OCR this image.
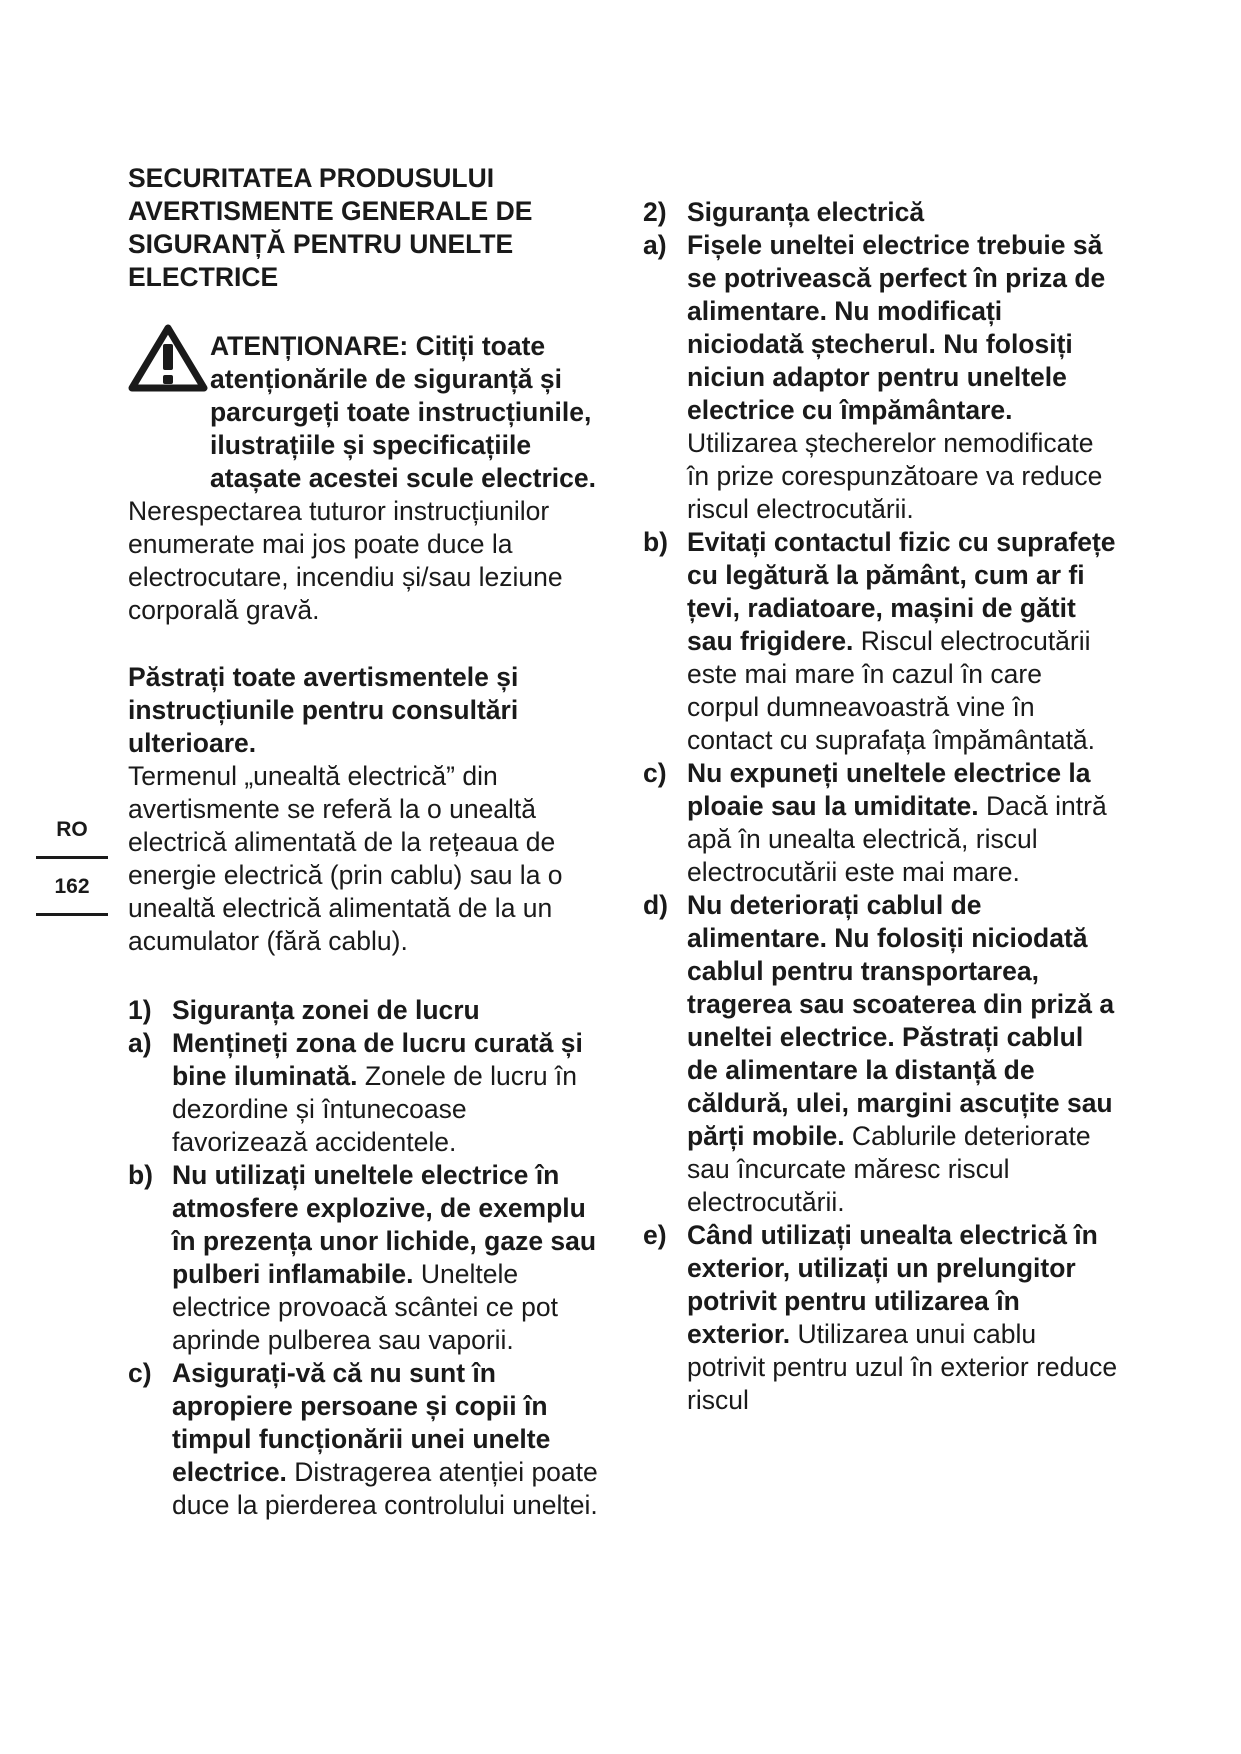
RO
162
SECURITATEA PRODUSULUI
AVERTISMENTE GENERALE DE
SIGURANȚĂ PENTRU UNELTE
ELECTRICE
ATENȚIONARE: Citiți toate atenționările de siguranță și parcurgeți toate instrucțiunile, ilustrațiile și specificațiile atașate acestei scule electrice.
Nerespectarea tuturor instrucțiunilor enumerate mai jos poate duce la electrocutare, incendiu și/sau leziune corporală gravă.
Păstrați toate avertismentele și instrucțiunile pentru consultări ulterioare.
Termenul „unealtă electrică” din avertismente se referă la o unealtă electrică alimentată de la rețeaua de energie electrică (prin cablu) sau la o unealtă electrică alimentată de la un acumulator (fără cablu).
1) Siguranța zonei de lucru
a) Mențineți zona de lucru curată și bine iluminată. Zonele de lucru în dezordine și întunecoase favorizează accidentele.
b) Nu utilizați uneltele electrice în atmosfere explozive, de exemplu în prezența unor lichide, gaze sau pulberi inflamabile. Uneltele electrice provoacă scântei ce pot aprinde pulberea sau vaporii.
c) Asigurați-vă că nu sunt în apropiere persoane și copii în timpul funcționării unei unelte electrice. Distragerea atenției poate duce la pierderea controlului uneltei.
2) Siguranța electrică
a) Fișele uneltei electrice trebuie să se potrivească perfect în priza de alimentare. Nu modificați niciodată ștecherul. Nu folosiți niciun adaptor pentru uneltele electrice cu împământare. Utilizarea ștecherelor nemodificate în prize corespunzătoare va reduce riscul electrocutării.
b) Evitați contactul fizic cu suprafețe cu legătură la pământ, cum ar fi țevi, radiatoare, mașini de gătit sau frigidere. Riscul electrocutării este mai mare în cazul în care corpul dumneavoastră vine în contact cu suprafața împământată.
c) Nu expuneți uneltele electrice la ploaie sau la umiditate. Dacă intră apă în unealta electrică, riscul electrocutării este mai mare.
d) Nu deteriorați cablul de alimentare. Nu folosiți niciodată cablul pentru transportarea, tragerea sau scoaterea din priză a uneltei electrice. Păstrați cablul de alimentare la distanță de căldură, ulei, margini ascuțite sau părți mobile. Cablurile deteriorate sau încurcate măresc riscul electrocutării.
e) Când utilizați unealta electrică în exterior, utilizați un prelungitor potrivit pentru utilizarea în exterior. Utilizarea unui cablu potrivit pentru uzul în exterior reduce riscul
